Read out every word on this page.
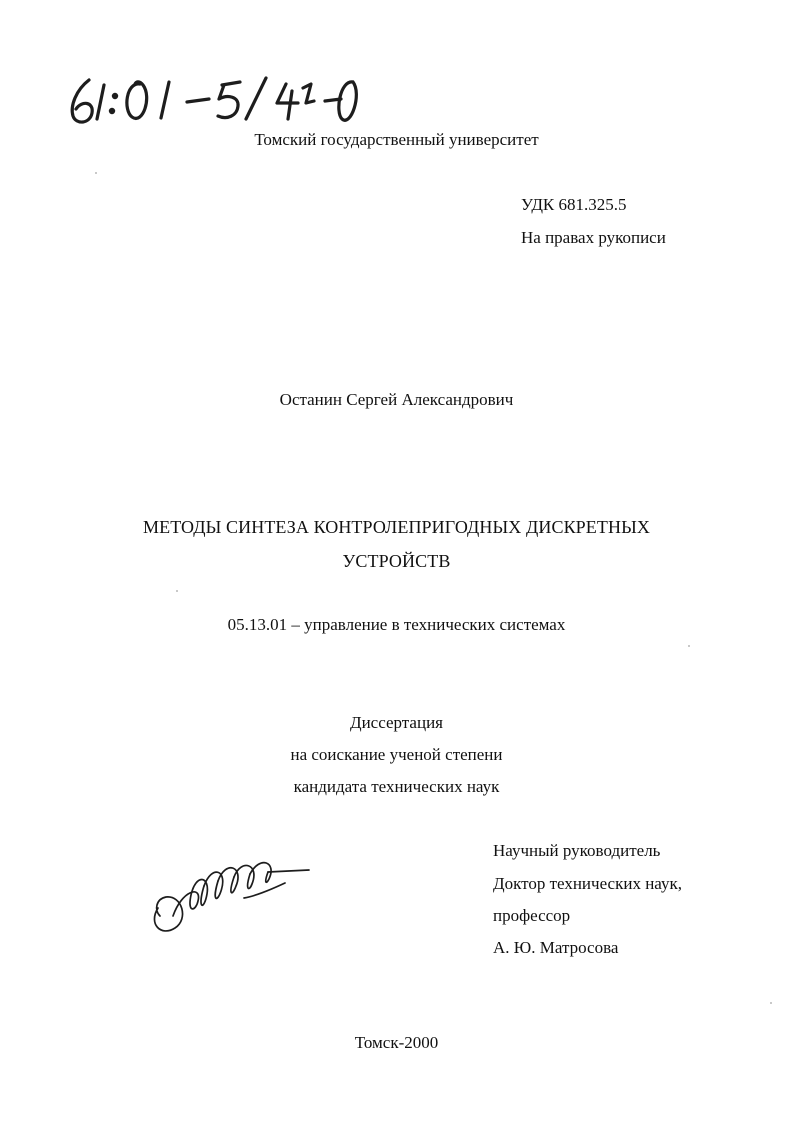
Томский государственный университет
УДК 681.325.5
На правах рукописи
Останин Сергей Александрович
МЕТОДЫ СИНТЕЗА КОНТРОЛЕПРИГОДНЫХ ДИСКРЕТНЫХ
УСТРОЙСТВ
05.13.01 – управление в технических системах
Диссертация
на соискание ученой степени
кандидата технических наук
Научный руководитель
Доктор технических наук,
профессор
А. Ю. Матросова
Томск-2000
